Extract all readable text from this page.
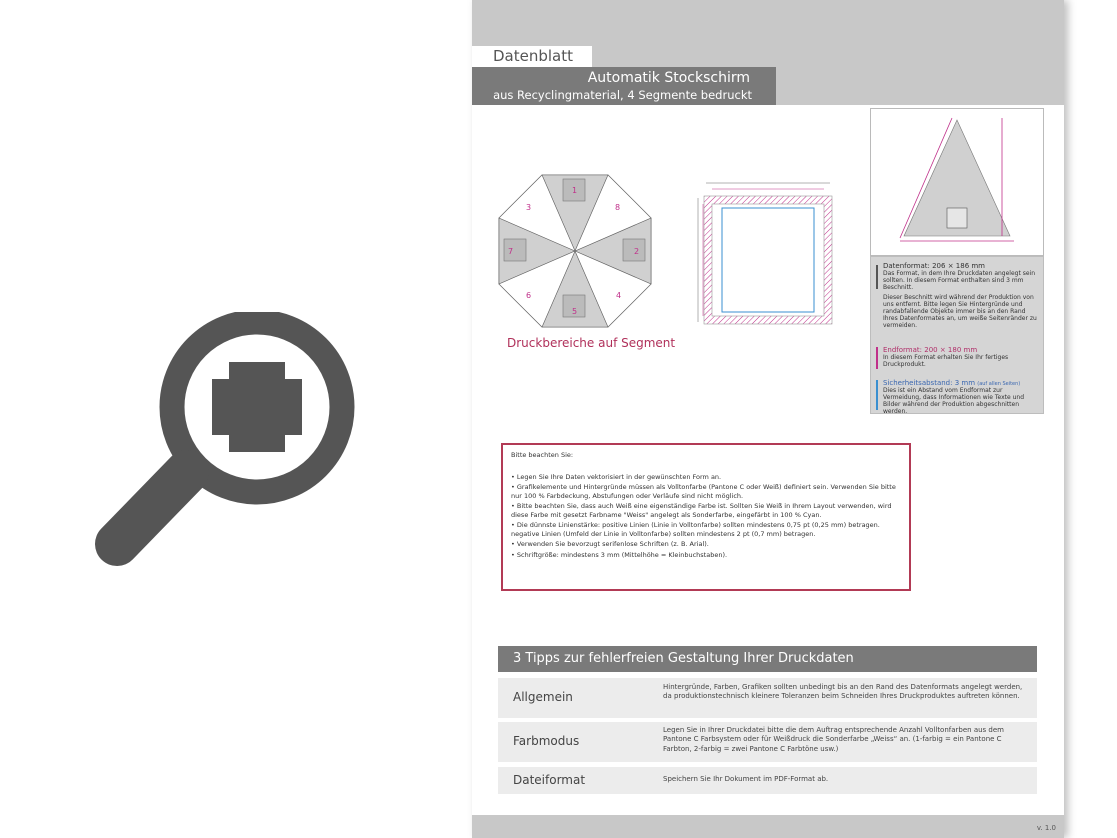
Datenblatt
Automatik Stockschirm
aus Recyclingmaterial, 4 Segmente bedruckt
1
2
3
4
5
6
7
8
Druckbereiche auf Segment
Datenformat: 206 × 186 mm
Das Format, in dem Ihre Druckdaten angelegt sein sollten. In diesem Format enthalten sind 3 mm Beschnitt.
Dieser Beschnitt wird während der Produktion von uns entfernt. Bitte legen Sie Hintergründe und randabfallende Objekte immer bis an den Rand Ihres Datenformates an, um weiße Seitenränder zu vermeiden.
Endformat: 200 × 180 mm
In diesem Format erhalten Sie Ihr fertiges Druckprodukt.
Sicherheitsabstand: 3 mm (auf allen Seiten)
Dies ist ein Abstand vom Endformat zur Vermeidung, dass Informationen wie Texte und Bilder während der Produktion abgeschnitten werden.
Bitte beachten Sie:
• Legen Sie Ihre Daten vektorisiert in der gewünschten Form an.
• Grafikelemente und Hintergründe müssen als Volltonfarbe (Pantone C oder Weiß) definiert sein. Verwenden Sie bitte nur 100 % Farbdeckung, Abstufungen oder Verläufe sind nicht möglich.
• Bitte beachten Sie, dass auch Weiß eine eigenständige Farbe ist. Sollten Sie Weiß in Ihrem Layout verwenden, wird diese Farbe mit gesetzt Farbname "Weiss" angelegt als Sonderfarbe, eingefärbt in 100 % Cyan.
• Die dünnste Linienstärke: positive Linien (Linie in Volltonfarbe) sollten mindestens 0,75 pt (0,25 mm) betragen. negative Linien (Umfeld der Linie in Volltonfarbe) sollten mindestens 2 pt (0,7 mm) betragen.
• Verwenden Sie bevorzugt serifenlose Schriften (z. B. Arial).
• Schriftgröße: mindestens 3 mm (Mittelhöhe = Kleinbuchstaben).
3 Tipps zur fehlerfreien Gestaltung Ihrer Druckdaten
Allgemein
Hintergründe, Farben, Grafiken sollten unbedingt bis an den Rand des Datenformats angelegt werden, da produktionstechnisch kleinere Toleranzen beim Schneiden Ihres Druckproduktes auftreten können.
Farbmodus
Legen Sie in Ihrer Druckdatei bitte die dem Auftrag entsprechende Anzahl Volltonfarben aus dem Pantone C Farbsystem oder für Weißdruck die Sonderfarbe „Weiss“ an. (1-farbig = ein Pantone C Farbton, 2-farbig = zwei Pantone C Farbtöne usw.)
Dateiformat	Speichern Sie Ihr Dokument im PDF-Format ab.
v. 1.0
